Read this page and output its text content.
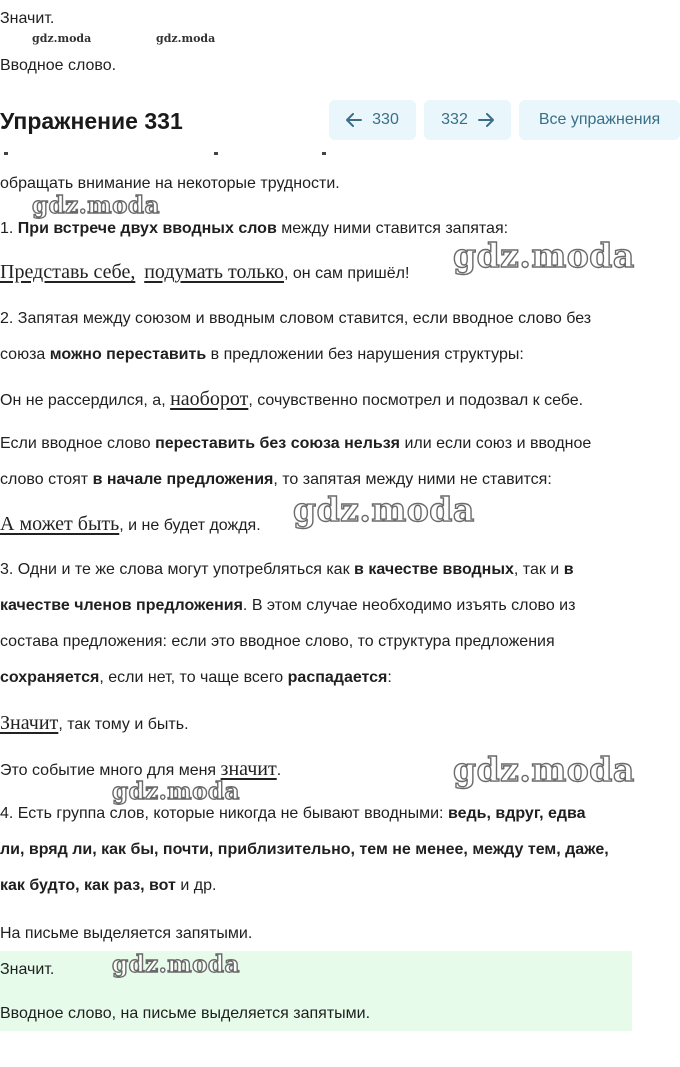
Значит.
gdz.moda	gdz.moda
Вводное слово.
Упражнение 331	330	332	Все упражнения
обращать внимание на некоторые трудности.
gdz.moda
1. При встрече двух вводных слов между ними ставится запятая:
Представь себе, подумать только, он сам пришёл! gdz.moda
2. Запятая между союзом и вводным словом ставится, если вводное слово без
союза можно переставить в предложении без нарушения структуры:
Он не рассердился, а, наоборот, сочувственно посмотрел и подозвал к себе.
Если вводное слово переставить без союза нельзя или если союз и вводное
слово стоят в начале предложения, то запятая между ними не ставится:
А может быть, и не будет дождя. gdz.moda
3. Одни и те же слова могут употребляться как в качестве вводных, так и в
качестве членов предложения. В этом случае необходимо изъять слово из
состава предложения: если это вводное слово, то структура предложения
сохраняется, если нет, то чаще всего распадается:
Значит, так тому и быть.
Это событие много для меня значит.	gdz.moda
gdz.moda
4. Есть группа слов, которые никогда не бывают вводными: ведь, вдруг, едва
ли, вряд ли, как бы, почти, приблизительно, тем не менее, между тем, даже,
как будто, как раз, вот и др.
На письме выделяется запятыми.
Значит.
Вводное слово, на письме выделяется запятыми.
gdz.moda
